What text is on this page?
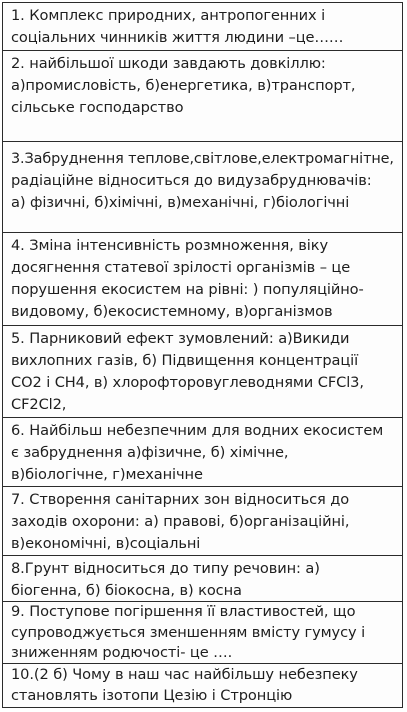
1. Комплекс природних, антропогенних і
соціальних чинників життя людини –це……
2. найбільшої шкоди завдають довкіллю:
а)промисловість, б)енергетика, в)транспорт,
сільське господарство
3.Забруднення теплове,світлове,електромагнітне,
радіаційне відноситься до видузабруднювачів:
а) фізичні, б)хімічні, в)механічні, г)біологічні
4. Зміна інтенсивність розмноження, віку
досягнення статевої зрілості організмів – це
порушення екосистем на рівні: ) популяційно-
видовому, б)екосистемному, в)організмов
5. Парниковий ефект зумовлений: а)Викиди
вихлопних газів, б) Підвищення концентрації
CO2 і CH4, в) хлорофторовуглеводнями CFCl3,
CF2Cl2,
6. Найбільш небезпечним для водних екосистем
є забруднення а)фізичне, б) хімічне,
в)біологічне, г)механічне
7. Створення санітарних зон відноситься до
заходів охорони: а) правові, б)організаційні,
в)економічні, в)соціальні
8.Грунт відноситься до типу речовин: а)
біогенна, б) біокосна, в) косна
9. Поступове погіршення її властивостей, що
супроводжується зменшенням вмісту гумусу і
зниженням родючості- це ….
10.(2 б) Чому в наш час найбільшу небезпеку
становлять ізотопи Цезію і Стронцію
